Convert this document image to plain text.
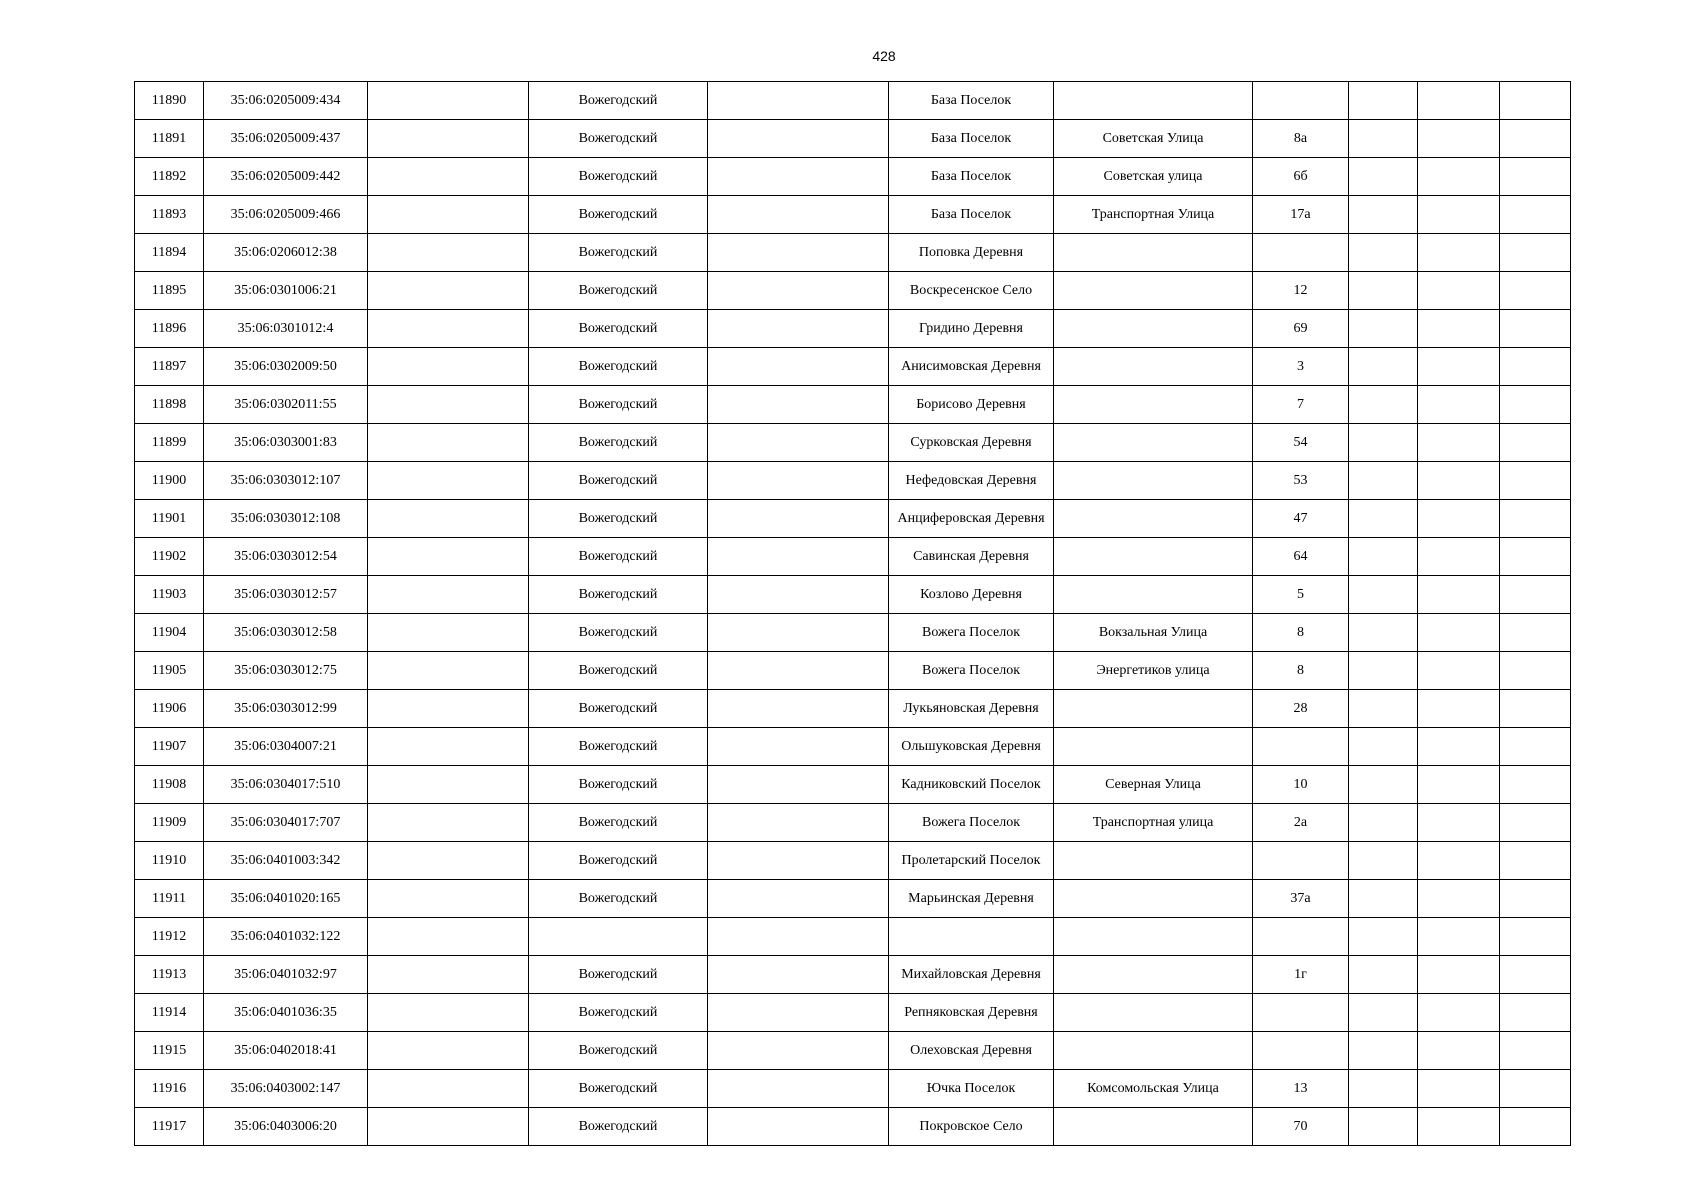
428
11890	35:06:0205009:434		Вожегодский		База Поселок					
11891	35:06:0205009:437		Вожегодский		База Поселок	Советская Улица	8а			
11892	35:06:0205009:442		Вожегодский		База Поселок	Советская улица	6б			
11893	35:06:0205009:466		Вожегодский		База Поселок	Транспортная Улица	17а			
11894	35:06:0206012:38		Вожегодский		Поповка Деревня					
11895	35:06:0301006:21		Вожегодский		Воскресенское Село		12			
11896	35:06:0301012:4		Вожегодский		Гридино Деревня		69			
11897	35:06:0302009:50		Вожегодский		Анисимовская Деревня		3			
11898	35:06:0302011:55		Вожегодский		Борисово Деревня		7			
11899	35:06:0303001:83		Вожегодский		Сурковская Деревня		54			
11900	35:06:0303012:107		Вожегодский		Нефедовская Деревня		53			
11901	35:06:0303012:108		Вожегодский		Анциферовская Деревня		47			
11902	35:06:0303012:54		Вожегодский		Савинская Деревня		64			
11903	35:06:0303012:57		Вожегодский		Козлово Деревня		5			
11904	35:06:0303012:58		Вожегодский		Вожега Поселок	Вокзальная Улица	8			
11905	35:06:0303012:75		Вожегодский		Вожега Поселок	Энергетиков улица	8			
11906	35:06:0303012:99		Вожегодский		Лукьяновская Деревня		28			
11907	35:06:0304007:21		Вожегодский		Ольшуковская Деревня					
11908	35:06:0304017:510		Вожегодский		Кадниковский Поселок	Северная Улица	10			
11909	35:06:0304017:707		Вожегодский		Вожега Поселок	Транспортная улица	2а			
11910	35:06:0401003:342		Вожегодский		Пролетарский Поселок					
11911	35:06:0401020:165		Вожегодский		Марьинская Деревня		37а			
11912	35:06:0401032:122									
11913	35:06:0401032:97		Вожегодский		Михайловская Деревня		1г			
11914	35:06:0401036:35		Вожегодский		Репняковская Деревня					
11915	35:06:0402018:41		Вожегодский		Олеховская Деревня					
11916	35:06:0403002:147		Вожегодский		Ючка Поселок	Комсомольская Улица	13			
11917	35:06:0403006:20		Вожегодский		Покровское Село		70			
